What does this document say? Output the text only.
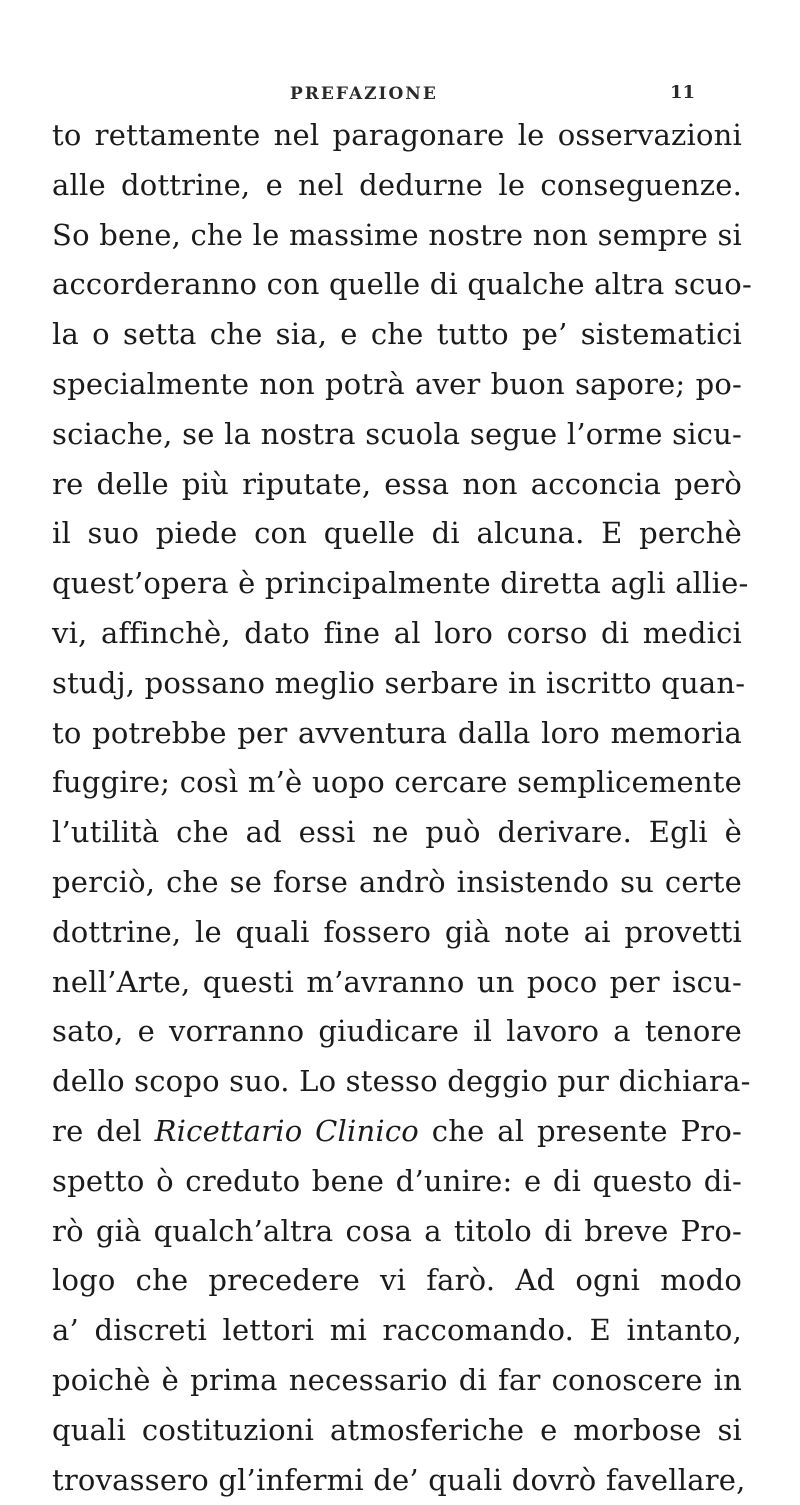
PREFAZIONE	11
to rettamente nel paragonare le osservazioni
alle dottrine, e nel dedurne le conseguenze.
So bene, che le massime nostre non sempre si
accorderanno con quelle di qualche altra scuo-
la o setta che sia, e che tutto pe’ sistematici
specialmente non potrà aver buon sapore; po-
sciache, se la nostra scuola segue l’orme sicu-
re delle più riputate, essa non acconcia però
il suo piede con quelle di alcuna. E perchè
quest’opera è principalmente diretta agli allie-
vi, affinchè, dato fine al loro corso di medici
studj, possano meglio serbare in iscritto quan-
to potrebbe per avventura dalla loro memoria
fuggire; così m’è uopo cercare semplicemente
l’utilità che ad essi ne può derivare. Egli è
perciò, che se forse andrò insistendo su certe
dottrine, le quali fossero già note ai provetti
nell’Arte, questi m’avranno un poco per iscu-
sato, e vorranno giudicare il lavoro a tenore
dello scopo suo. Lo stesso deggio pur dichiara-
re del Ricettario Clinico che al presente Pro-
spetto ò creduto bene d’unire: e di questo di-
rò già qualch’altra cosa a titolo di breve Pro-
logo che precedere vi farò. Ad ogni modo
a’ discreti lettori mi raccomando. E intanto,
poichè è prima necessario di far conoscere in
quali costituzioni atmosferiche e morbose si
trovassero gl’infermi de’ quali dovrò favellare,
